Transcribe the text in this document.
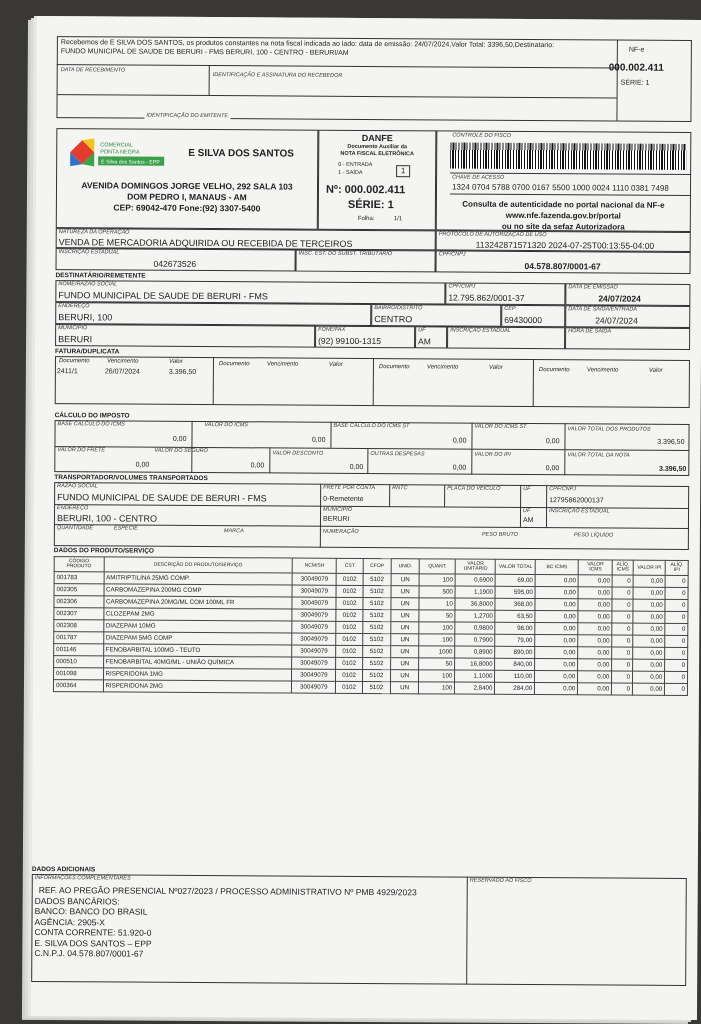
Recebemos de E SILVA DOS SANTOS, os produtos constantes na nota fiscal indicada ao lado: data de emissão: 24/07/2024,Valor Total: 3396,50,Destinatario: FUNDO MUNICIPAL DE SAUDE DE BERURI - FMS BERURI, 100 - CENTRO - BERURI/AM
DATA DE RECEBIMENTO
IDENTIFICAÇÃO E ASSINATURA DO RECEBEDOR
NF-e
000.002.411
SÉRIE: 1
IDENTIFICAÇÃO DO EMITENTE
COMERCIAL
PONTA NEGRA
E Silva dos Santos - EPP
E SILVA DOS SANTOS
AVENIDA DOMINGOS JORGE VELHO, 292 SALA 103
DOM PEDRO I, MANAUS - AM
CEP: 69042-470 Fone:(92) 3307-5400
DANFE
Documento Auxiliar da
NOTA FISCAL ELETRÔNICA
0 - ENTRADA
1 - SAÍDA	1
Nº: 000.002.411
SÉRIE: 1
Folha:	1/1
CONTROLE DO FISCO
CHAVE DE ACESSO
1324 0704 5788 0700 0167 5500 1000 0024 1110 0381 7498
Consulta de autenticidade no portal nacional da NF-e
www.nfe.fazenda.gov.br/portal
ou no site da sefaz Autorizadora
NATUREZA DA OPERAÇÃO
VENDA DE MERCADORIA ADQUIRIDA OU RECEBIDA DE TERCEIROS
PROTOCOLO DE AUTORIZAÇÃO DE USO
113242871571320 2024-07-25T00:13:55-04:00
INSCRIÇÃO ESTADUAL
042673526
INSC. EST. DO SUBST. TRIBUTÁRIO	CPF/CNPJ
04.578.807/0001-67
DESTINATÁRIO/REMETENTE
NOME/RAZÃO SOCIAL
FUNDO MUNICIPAL DE SAUDE DE BERURI - FMS
CPF/CNPJ
12.795.862/0001-37
DATA DE EMISSÃO
24/07/2024
ENDEREÇO
BERURI, 100
BAIRRO/DISTRITO
CENTRO
CEP
69430000
DATA DE SAÍDA/ENTRADA
24/07/2024
MUNICÍPIO
BERURI
FONE/FAX
(92) 99100-1315
UF
AM
INSCRIÇÃO ESTADUAL	HORA DE SAÍDA
FATURA/DUPLICATA
Documento	Vencimento	Valor	Documento	Vencimento	Valor	Documento	Vencimento	Valor	Documento	Vencimento	Valor
2411/1	26/07/2024	3.396,50
CÁLCULO DO IMPOSTO
BASE CÁLCULO DO ICMS
0,00
VALOR DO ICMS
0,00
BASE CÁLCULO DO ICMS ST
0,00
VALOR DO ICMS ST
0,00
VALOR TOTAL DOS PRODUTOS
3.396,50
VALOR DO FRETE
0,00
VALOR DO SEGURO
0,00
VALOR DESCONTO
0,00
OUTRAS DESPESAS
0,00
VALOR DO IPI
0,00
VALOR TOTAL DA NOTA
3.396,50
TRANSPORTADOR/VOLUMES TRANSPORTADOS
RAZÃO SOCIAL
FUNDO MUNICIPAL DE SAUDE DE BERURI - FMS
FRETE POR CONTA
0-Remetente
RNTC	PLACA DO VEÍCULO	UF	CPF/CNPJ
12795862000137
ENDEREÇO
BERURI, 100 - CENTRO
MUNICÍPIO
BERURI
UF
AM
INSCRIÇÃO ESTADUAL
QUANTIDADE	ESPÉCIE	MARCA	NUMERAÇÃO	PESO BRUTO	PESO LÍQUIDO
DADOS DO PRODUTO/SERVIÇO
CÓDIGO PRODUTO	DESCRIÇÃO DO PRODUTO/SERVIÇO	NCM/SH	CST	CFOP	UNID.	QUANT.	VALOR UNITÁRIO	VALOR TOTAL	BC ICMS	VALOR ICMS	ALÍQ. ICMS	VALOR IPI	ALÍQ. IPI
001783	AMITRIPTILINA 25MG COMP.	30049079	0102	5102	UN	100	0,6900	69,00	0,00	0,00	0	0,00	0
002305	CARBOMAZEPINA 200MG COMP	30049079	0102	5102	UN	500	1,1900	595,00	0,00	0,00	0	0,00	0
002306	CARBOMAZEPINA 20MG/ML COM 100ML FR	30049079	0102	5102	UN	10	36,8000	368,00	0,00	0,00	0	0,00	0
002307	CLOZEPAM 2MG	30049079	0102	5102	UN	50	1,2700	63,50	0,00	0,00	0	0,00	0
002308	DIAZEPAM 10MG	30049079	0102	5102	UN	100	0,9800	98,00	0,00	0,00	0	0,00	0
001787	DIAZEPAM 5MG COMP	30049079	0102	5102	UN	100	0,7900	79,00	0,00	0,00	0	0,00	0
001146	FENOBARBITAL 100MG - TEUTO	30049079	0102	5102	UN	1000	0,8900	890,00	0,00	0,00	0	0,00	0
000510	FENOBARBITAL 40MG/ML - UNIÃO QUÍMICA	30049079	0102	5102	UN	50	16,8000	840,00	0,00	0,00	0	0,00	0
001098	RISPERIDONA 1MG	30049079	0102	5102	UN	100	1,1000	110,00	0,00	0,00	0	0,00	0
000364	RISPERIDONA 2MG	30049079	0102	5102	UN	100	2,8400	284,00	0,00	0,00	0	0,00	0
DADOS ADICIONAIS
INFORMAÇÕES COMPLEMENTARES	RESERVADO AO FISCO
REF. AO PREGÃO PRESENCIAL Nº027/2023 / PROCESSO ADMINISTRATIVO Nº PMB 4929/2023
DADOS BANCÁRIOS:
BANCO: BANCO DO BRASIL
AGÊNCIA: 2905-X
CONTA CORRENTE: 51.920-0
E. SILVA DOS SANTOS – EPP
C.N.P.J. 04.578.807/0001-67
